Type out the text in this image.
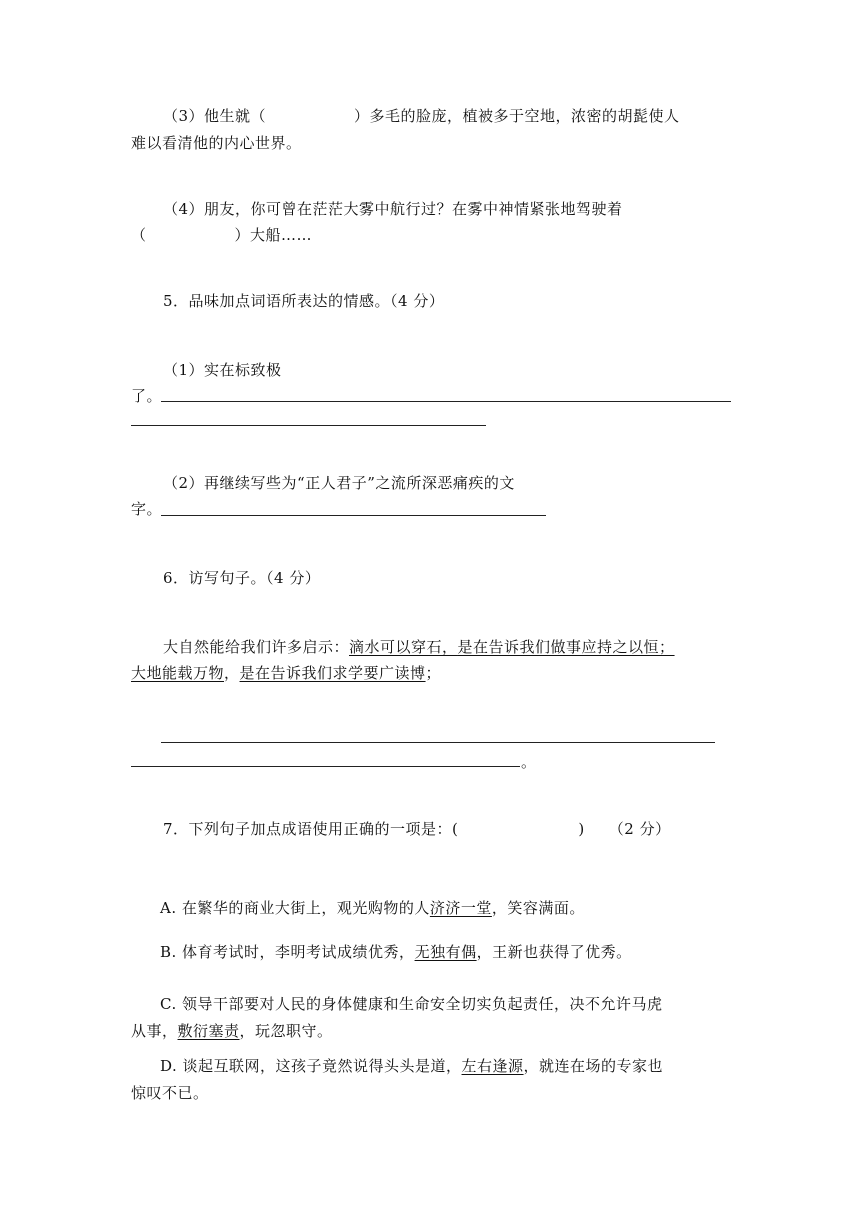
（3）他生就（	）多毛的脸庞，植被多于空地，浓密的胡髭使人
难以看清他的内心世界。
（4）朋友，你可曾在茫茫大雾中航行过？在雾中神情紧张地驾驶着
（	）大船……
5．品味加点词语所表达的情感。（4 分）
（1）实在标致极
了。
（2）再继续写些为“正人君子”之流所深恶痛疾的文
字。
6．访写句子。（4 分）
大自然能给我们许多启示：滴水可以穿石，是在告诉我们做事应持之以恒；
大地能载万物，是在告诉我们求学要广读博；
。
7．下列句子加点成语使用正确的一项是：(	) （2 分）
A. 在繁华的商业大街上，观光购物的人济济一堂，笑容满面。
B. 体育考试时，李明考试成绩优秀，无独有偶，王新也获得了优秀。
C. 领导干部要对人民的身体健康和生命安全切实负起责任，决不允许马虎
从事，敷衍塞责，玩忽职守。
D. 谈起互联网，这孩子竟然说得头头是道，左右逢源，就连在场的专家也
惊叹不已。
